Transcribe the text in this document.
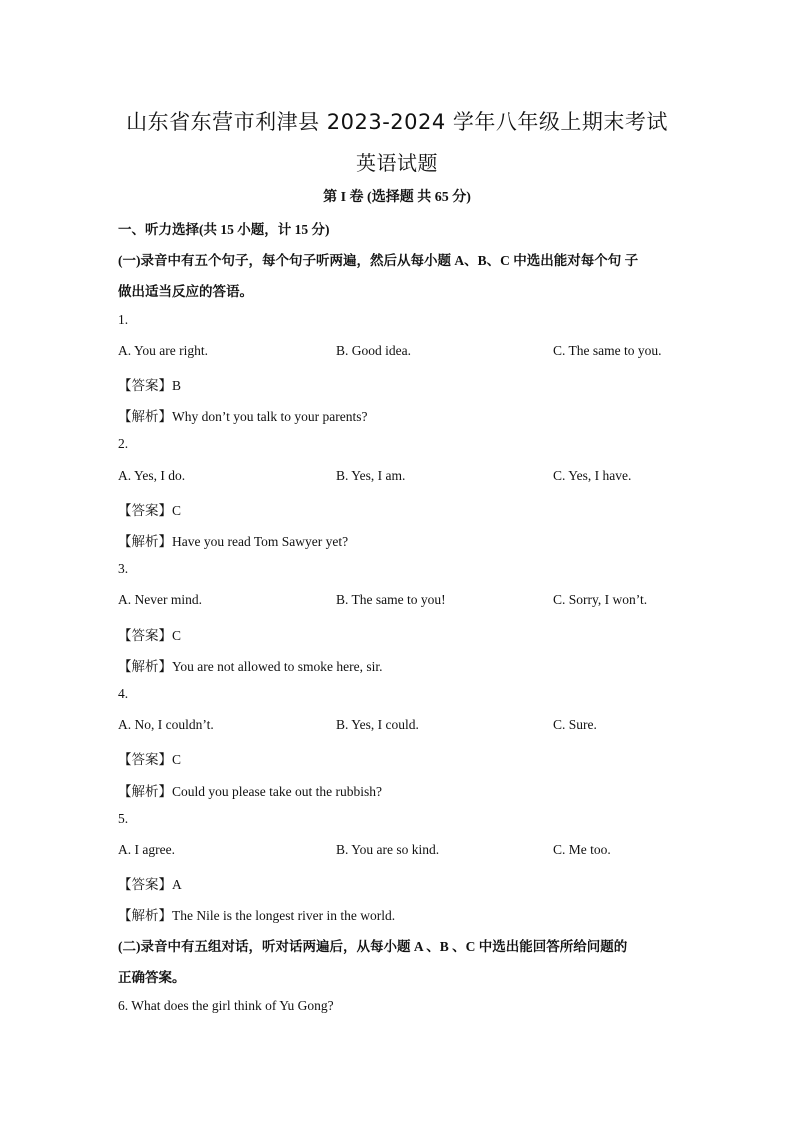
山东省东营市利津县 2023-2024 学年八年级上期末考试
英语试题
第 I 卷 (选择题 共 65 分)
一、听力选择(共 15 小题，计 15 分)
(一)录音中有五个句子，每个句子听两遍，然后从每小题 A、B、C 中选出能对每个句 子
做出适当反应的答语。
1.
A. You are right.	B. Good idea.	C. The same to you.
【答案】B
【解析】Why don’t you talk to your parents?
2.
A. Yes, I do.	B. Yes, I am.	C. Yes, I have.
【答案】C
【解析】Have you read Tom Sawyer yet?
3.
A. Never mind.	B. The same to you!	C. Sorry, I won’t.
【答案】C
【解析】You are not allowed to smoke here, sir.
4.
A. No, I couldn’t.	B. Yes, I could.	C. Sure.
【答案】C
【解析】Could you please take out the rubbish?
5.
A. I agree.	B. You are so kind.	C. Me too.
【答案】A
【解析】The Nile is the longest river in the world.
(二)录音中有五组对话，听对话两遍后，从每小题 A 、B 、C 中选出能回答所给问题的
正确答案。
6. What does the girl think of Yu Gong?
